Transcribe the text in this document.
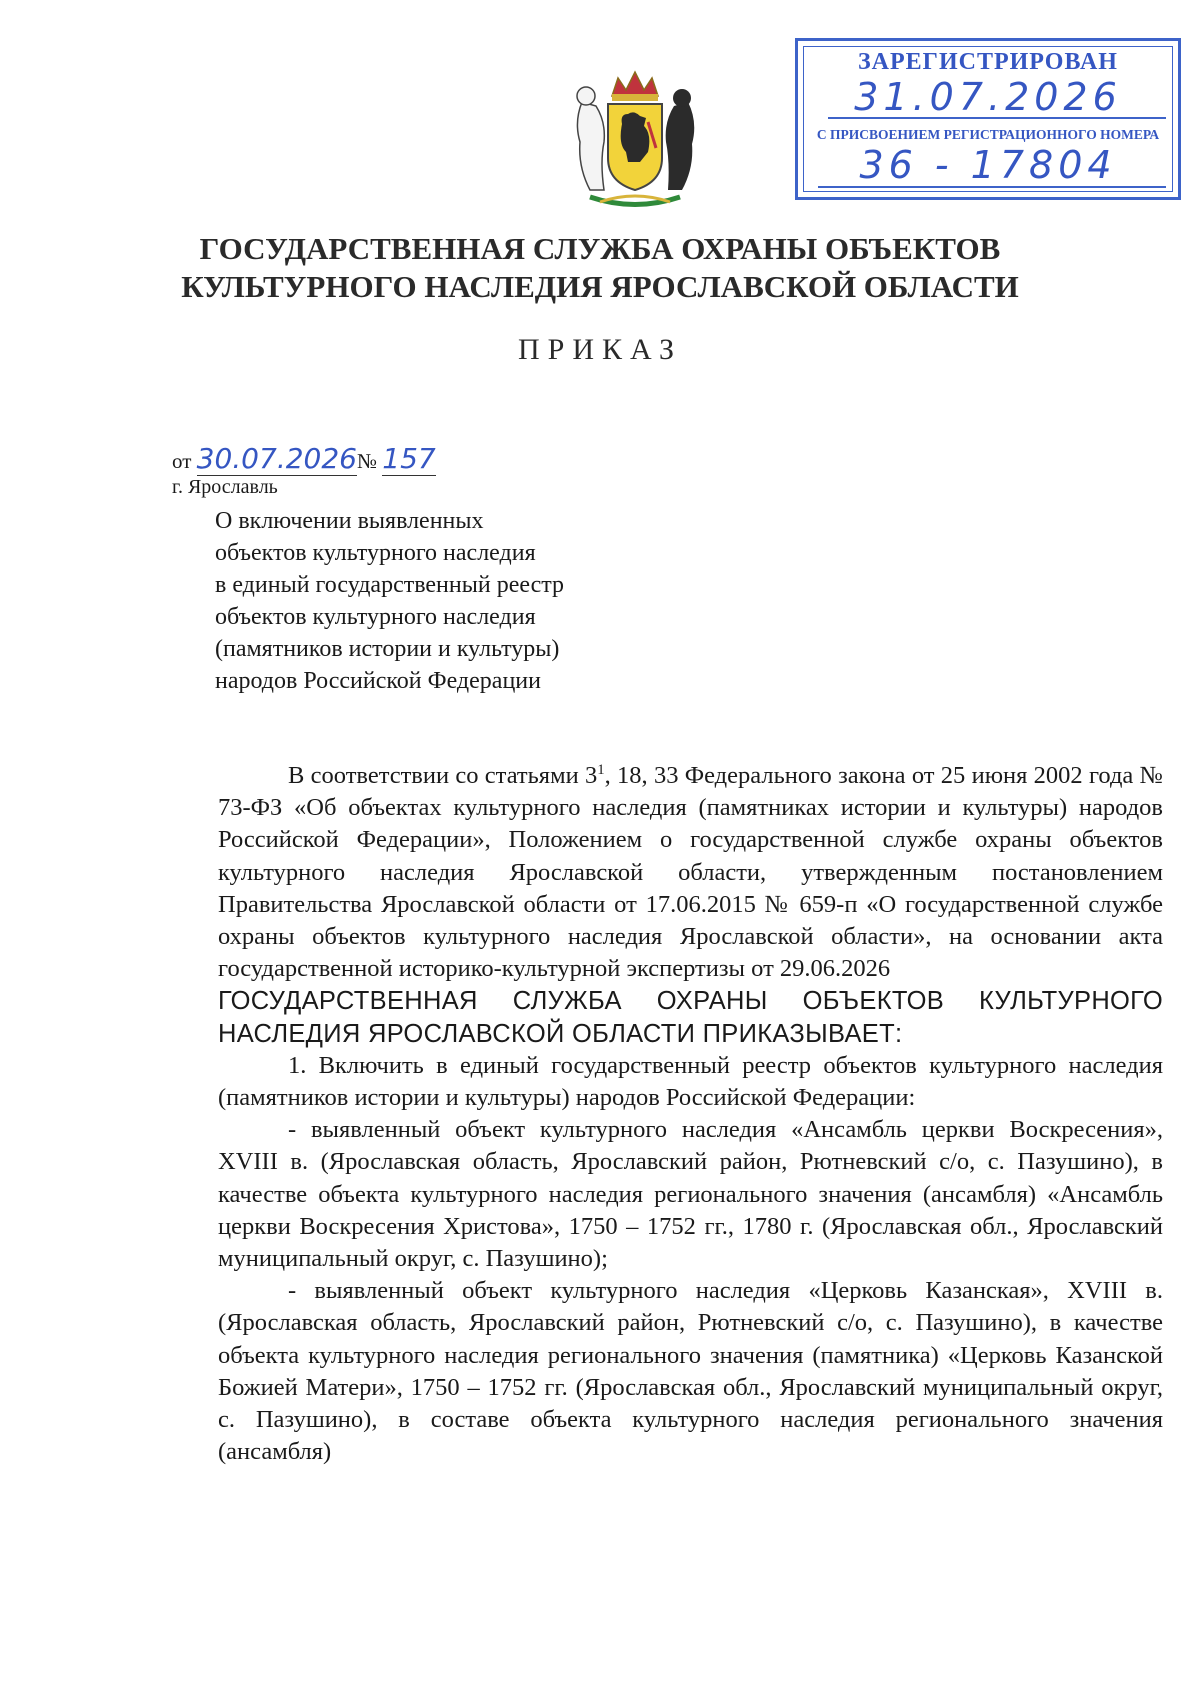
ЗАРЕГИСТРИРОВАН
31.07.2026
С ПРИСВОЕНИЕМ РЕГИСТРАЦИОННОГО НОМЕРА
36 - 17804
ГОСУДАРСТВЕННАЯ СЛУЖБА ОХРАНЫ ОБЪЕКТОВ
КУЛЬТУРНОГО НАСЛЕДИЯ ЯРОСЛАВСКОЙ ОБЛАСТИ
ПРИКАЗ
от 30.07.2026№ 157
г. Ярославль
О включении выявленных
объектов культурного наследия
в единый государственный реестр
объектов культурного наследия
(памятников истории и культуры)
народов Российской Федерации

В соответствии со статьями $3^1$, 18, 33 Федерального закона от 25 июня 2002 года № 73-ФЗ «Об объектах культурного наследия (памятниках истории и культуры) народов Российской Федерации», Положением о государственной службе охраны объектов культурного наследия Ярославской области, утвержденным постановлением Правительства Ярославской области от 17.06.2015 № 659-п «О государственной службе охраны объектов культурного наследия Ярославской области», на основании акта государственной историко-культурной экспертизы от 29.06.2026

ГОСУДАРСТВЕННАЯ СЛУЖБА ОХРАНЫ ОБЪЕКТОВ КУЛЬТУРНОГО НАСЛЕДИЯ ЯРОСЛАВСКОЙ ОБЛАСТИ ПРИКАЗЫВАЕТ:

1. Включить в единый государственный реестр объектов культурного наследия (памятников истории и культуры) народов Российской Федерации:

- выявленный объект культурного наследия «Ансамбль церкви Воскресения», XVIII в. (Ярославская область, Ярославский район, Рютневский с/о, с. Пазушино), в качестве объекта культурного наследия регионального значения (ансамбля) «Ансамбль церкви Воскресения Христова», 1750 – 1752 гг., 1780 г. (Ярославская обл., Ярославский муниципальный округ, с. Пазушино);

- выявленный объект культурного наследия «Церковь Казанская», XVIII в. (Ярославская область, Ярославский район, Рютневский с/о, с. Пазушино), в качестве объекта культурного наследия регионального значения (памятника) «Церковь Казанской Божией Матери», 1750 – 1752 гг. (Ярославская обл., Ярославский муниципальный округ, с. Пазушино), в составе объекта культурного наследия регионального значения (ансамбля)
